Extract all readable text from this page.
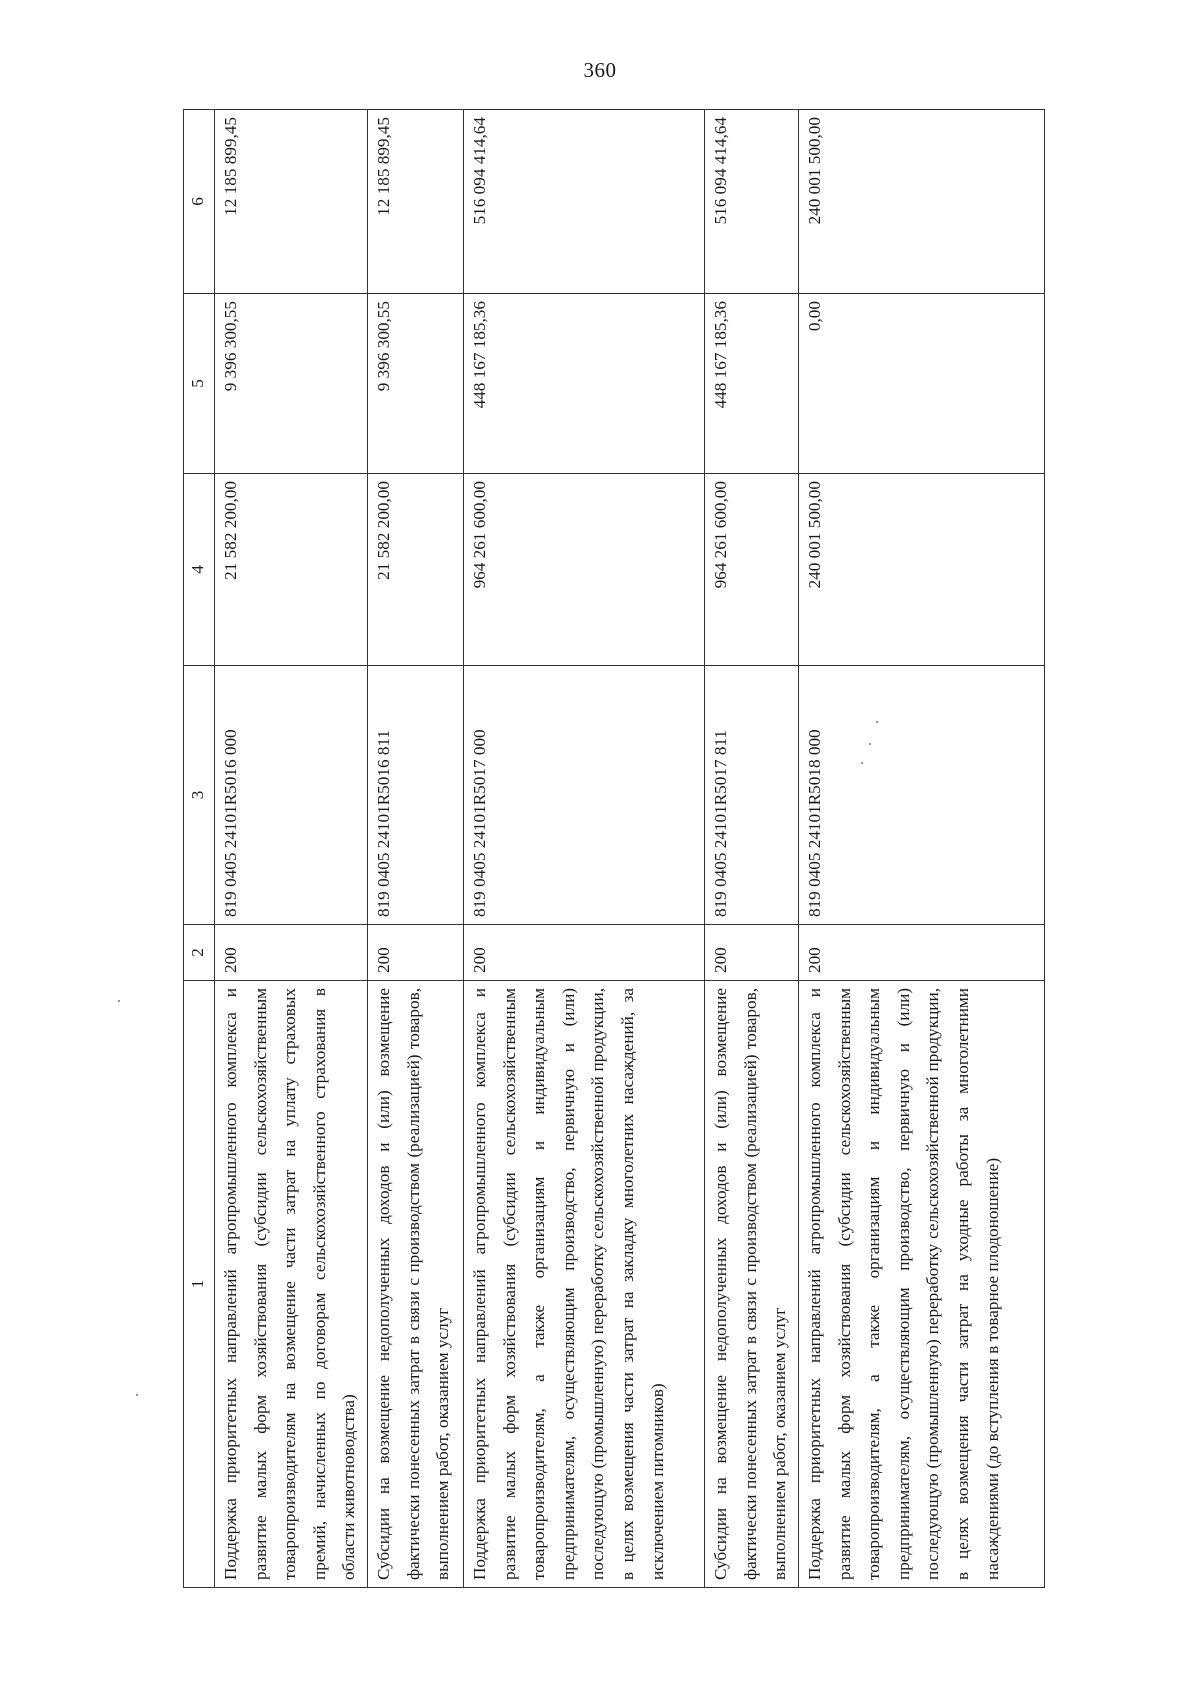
360
1	2	3	4	5	6
Поддержка приоритетных направлений агропромышленного комплекса и развитие малых форм хозяйствования (субсидии сельскохозяйственным товаропроизводителям на возмещение части затрат на уплату страховых премий, начисленных по договорам сельскохозяйственного страхования в области животноводства)	200	819 0405 24101R5016 000	21 582 200,00	9 396 300,55	12 185 899,45
Субсидии на возмещение недополученных доходов и (или) возмещение фактически понесенных затрат в связи с производством (реализацией) товаров, выполнением работ, оказанием услуг	200	819 0405 24101R5016 811	21 582 200,00	9 396 300,55	12 185 899,45
Поддержка приоритетных направлений агропромышленного комплекса и развитие малых форм хозяйствования (субсидии сельскохозяйственным товаропроизводителям, а также организациям и индивидуальным предпринимателям, осуществляющим производство, первичную и (или) последующую (промышленную) переработку сельскохозяйственной продукции, в целях возмещения части затрат на закладку многолетних насаждений, за исключением питомников)	200	819 0405 24101R5017 000	964 261 600,00	448 167 185,36	516 094 414,64
Субсидии на возмещение недополученных доходов и (или) возмещение фактически понесенных затрат в связи с производством (реализацией) товаров, выполнением работ, оказанием услуг	200	819 0405 24101R5017 811	964 261 600,00	448 167 185,36	516 094 414,64
Поддержка приоритетных направлений агропромышленного комплекса и развитие малых форм хозяйствования (субсидии сельскохозяйственным товаропроизводителям, а также организациям и индивидуальным предпринимателям, осуществляющим производство, первичную и (или) последующую (промышленную) переработку сельскохозяйственной продукции, в целях возмещения части затрат на уходные работы за многолетними насаждениями (до вступления в товарное плодоношение)	200	819 0405 24101R5018 000	240 001 500,00	0,00	240 001 500,00
